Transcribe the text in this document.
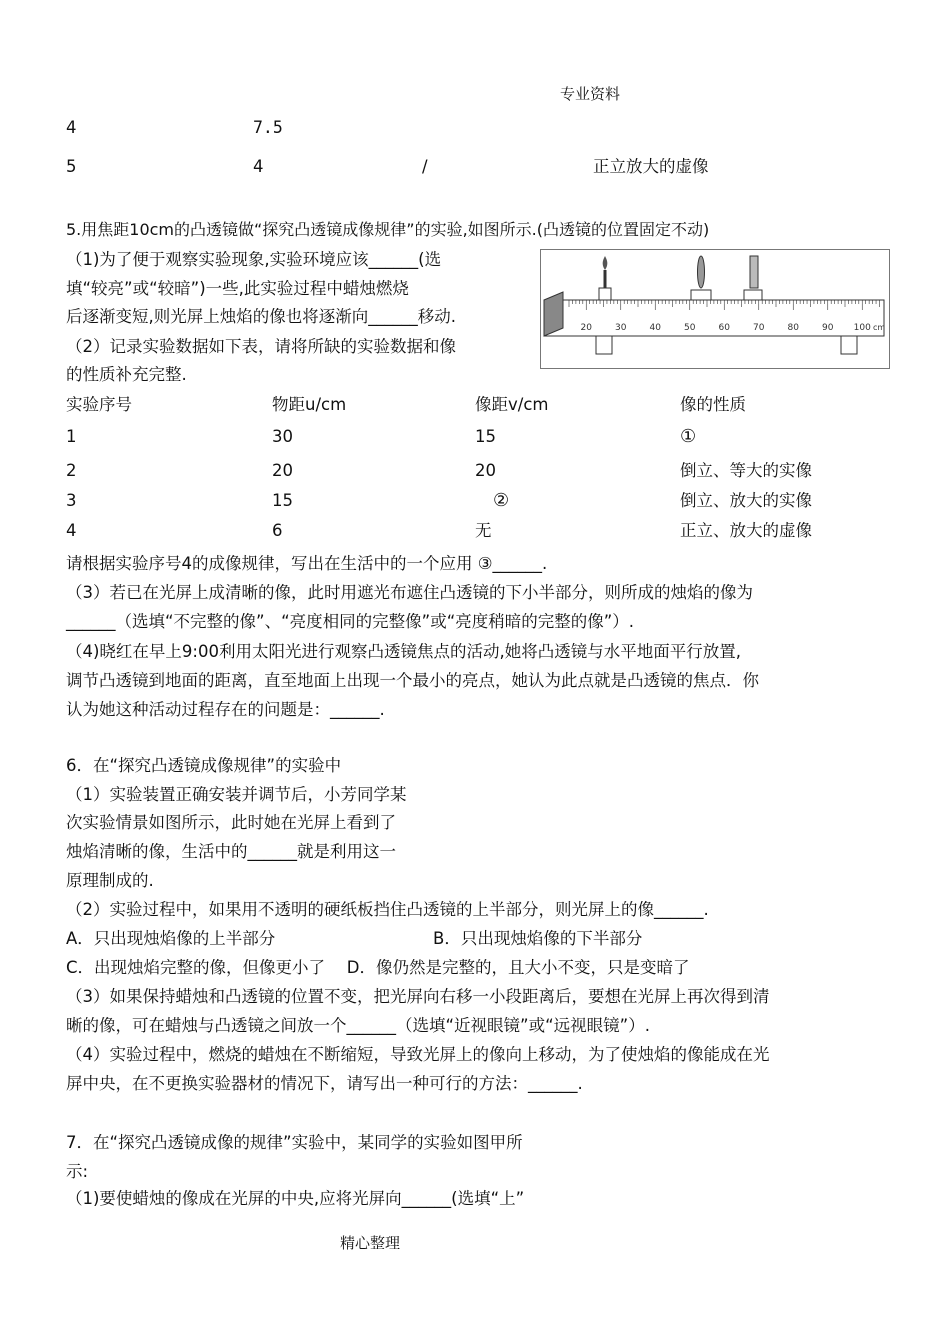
专业资料
4	7.5
5	4	/	正立放大的虚像
5.用焦距10cm的凸透镜做“探究凸透镜成像规律”的实验,如图所示.(凸透镜的位置固定不动)
（1)为了便于观察实验现象,实验环境应该______(选
填“较亮”或“较暗”)一些,此实验过程中蜡烛燃烧
后逐渐变短,则光屏上烛焰的像也将逐渐向______移动.
（2）记录实验数据如下表，请将所缺的实验数据和像
的性质补充完整.
20	30	40	50	60	70	80	90 100 cm
实验序号	物距u/cm	像距v/cm	像的性质
1	30	15	①
2	20	20	倒立、等大的实像
3	15	②	倒立、放大的实像
4	6	无	正立、放大的虚像
请根据实验序号4的成像规律，写出在生活中的一个应用 ③______.
（3）若已在光屏上成清晰的像，此时用遮光布遮住凸透镜的下小半部分，则所成的烛焰的像为
______（选填“不完整的像”、“亮度相同的完整像”或“亮度稍暗的完整的像”）.
（4)晓红在早上9:00利用太阳光进行观察凸透镜焦点的活动,她将凸透镜与水平地面平行放置,
调节凸透镜到地面的距离，直至地面上出现一个最小的亮点，她认为此点就是凸透镜的焦点．你
认为她这种活动过程存在的问题是：______.
6．在“探究凸透镜成像规律”的实验中
（1）实验装置正确安装并调节后，小芳同学某
次实验情景如图所示，此时她在光屏上看到了
烛焰清晰的像，生活中的______就是利用这一
原理制成的.
（2）实验过程中，如果用不透明的硬纸板挡住凸透镜的上半部分，则光屏上的像______.
A．只出现烛焰像的上半部分	B．只出现烛焰像的下半部分
C．出现烛焰完整的像，但像更小了　 D．像仍然是完整的，且大小不变，只是变暗了
（3）如果保持蜡烛和凸透镜的位置不变，把光屏向右移一小段距离后，要想在光屏上再次得到清
晰的像，可在蜡烛与凸透镜之间放一个______（选填“近视眼镜”或“远视眼镜”）.
（4）实验过程中，燃烧的蜡烛在不断缩短，导致光屏上的像向上移动，为了使烛焰的像能成在光
屏中央，在不更换实验器材的情况下，请写出一种可行的方法：______.
7．在“探究凸透镜成像的规律”实验中，某同学的实验如图甲所
示:
（1)要使蜡烛的像成在光屏的中央,应将光屏向______(选填“上”
精心整理
